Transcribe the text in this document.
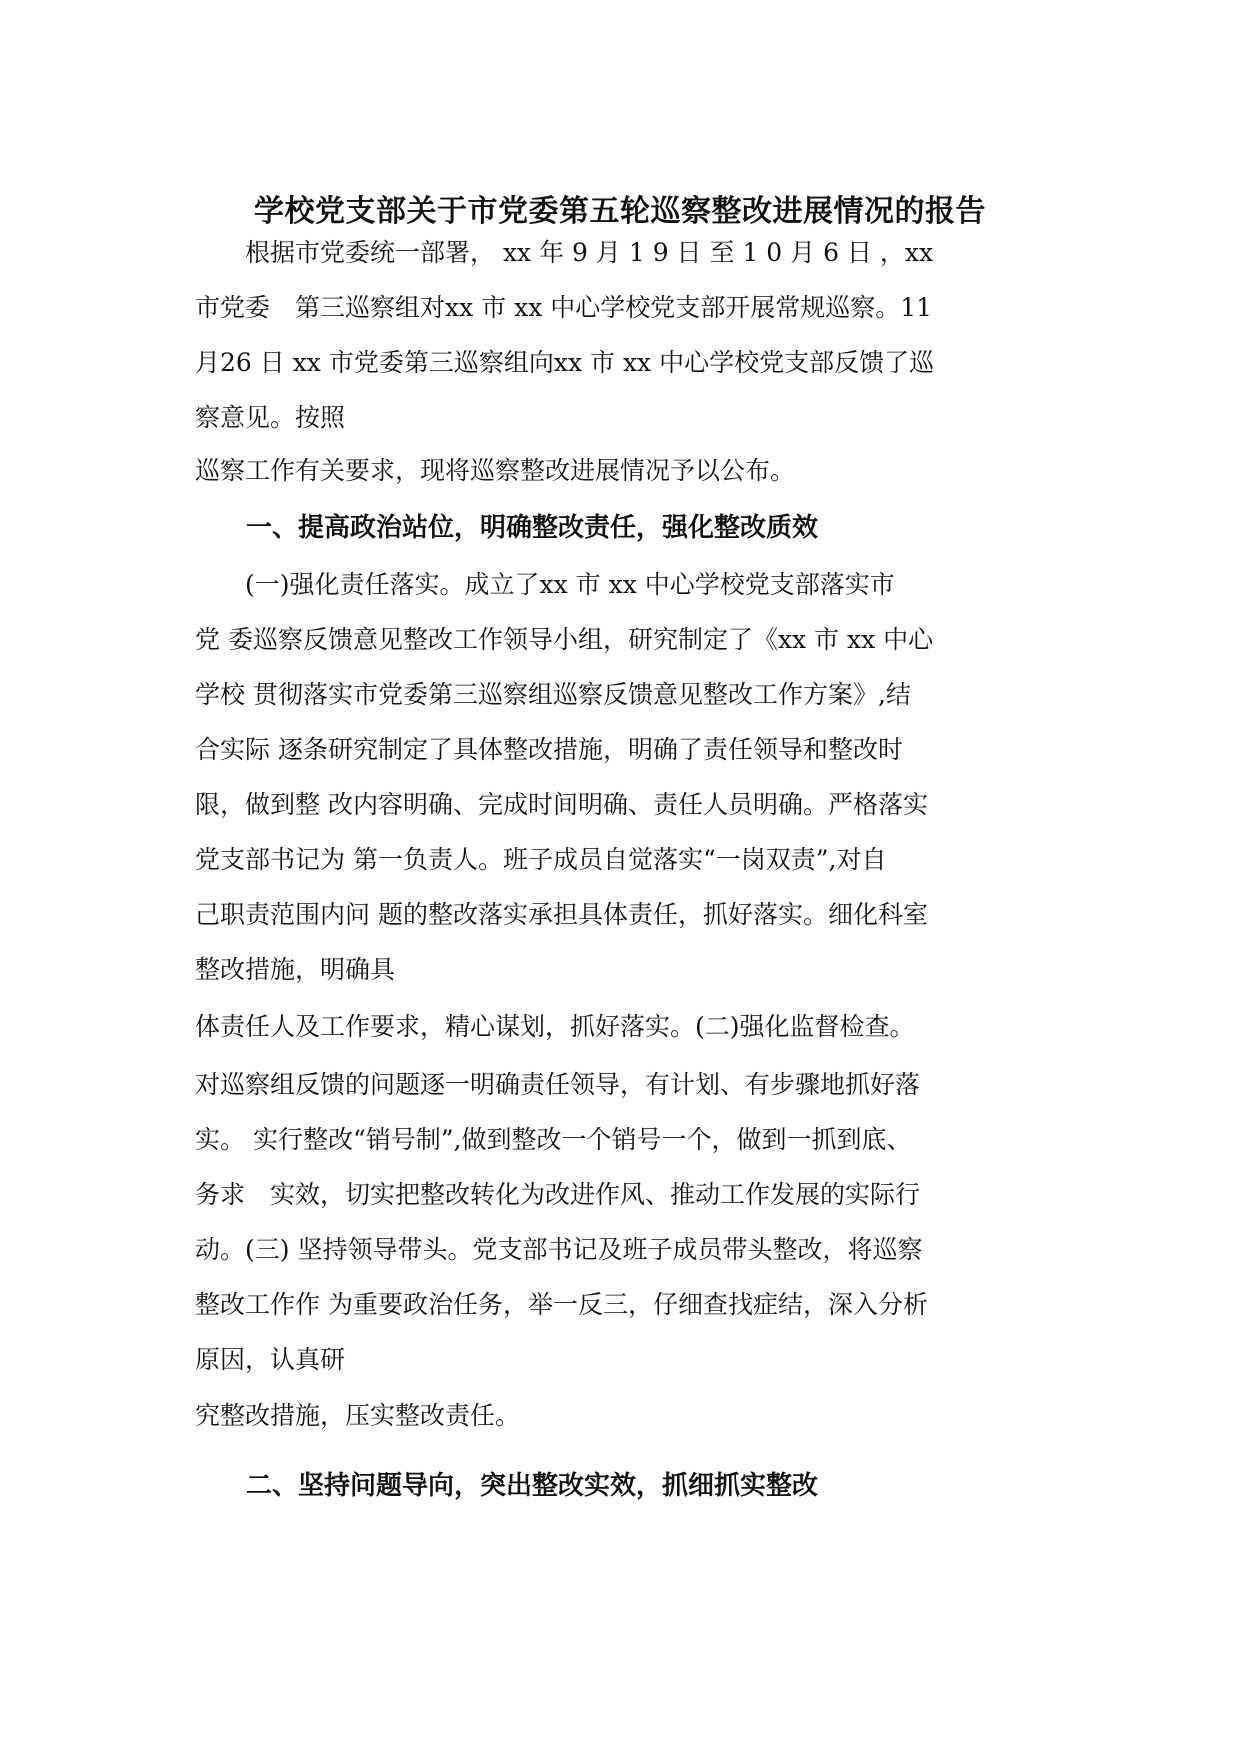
学校党支部关于市党委第五轮巡察整改进展情况的报告

　　根据市党委统一部署， xx 年 9 月 1 9 日 至 1 0 月 6 日 ，xx

市党委　第三巡察组对xx 市 xx 中心学校党支部开展常规巡察。11

月26 日 xx 市党委第三巡察组向xx 市 xx 中心学校党支部反馈了巡

察意见。按照

巡察工作有关要求，现将巡察整改进展情况予以公布。

一、提高政治站位，明确整改责任，强化整改质效

　　(一)强化责任落实。成立了xx 市 xx 中心学校党支部落实市

党 委巡察反馈意见整改工作领导小组，研究制定了《xx 市 xx 中心

学校 贯彻落实市党委第三巡察组巡察反馈意见整改工作方案》,结

合实际 逐条研究制定了具体整改措施，明确了责任领导和整改时

限，做到整 改内容明确、完成时间明确、责任人员明确。严格落实

党支部书记为 第一负责人。班子成员自觉落实“一岗双责”,对自

己职责范围内问 题的整改落实承担具体责任，抓好落实。细化科室

整改措施，明确具

体责任人及工作要求，精心谋划，抓好落实。(二)强化监督检查。

对巡察组反馈的问题逐一明确责任领导，有计划、有步骤地抓好落

实。 实行整改“销号制”,做到整改一个销号一个，做到一抓到底、

务求　实效，切实把整改转化为改进作风、推动工作发展的实际行

动。(三) 坚持领导带头。党支部书记及班子成员带头整改，将巡察

整改工作作 为重要政治任务，举一反三，仔细查找症结，深入分析

原因，认真研

究整改措施，压实整改责任。

二、坚持问题导向，突出整改实效，抓细抓实整改
